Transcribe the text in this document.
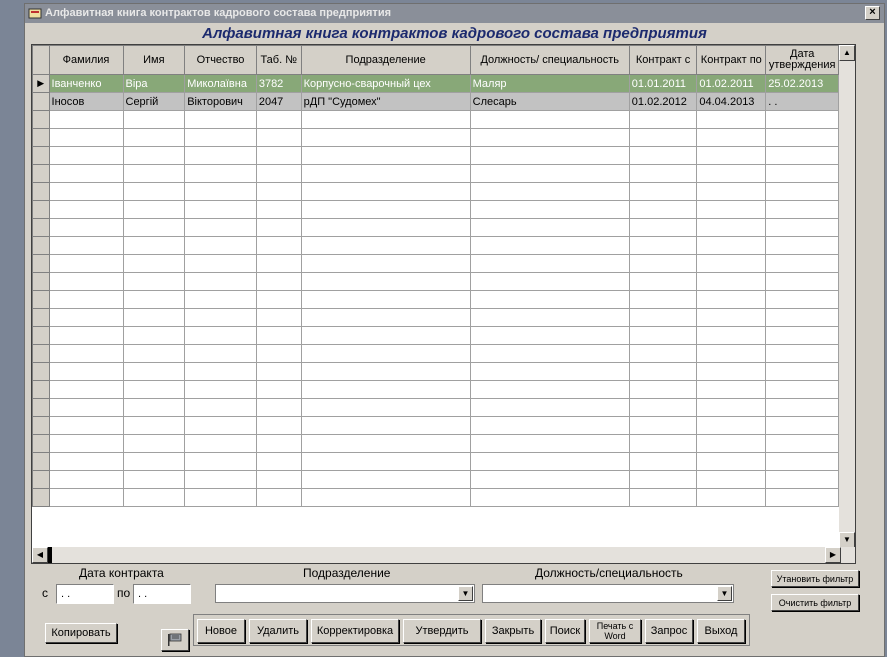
Алфавитная книга контрактов кадрового состава предприятия	×
Алфавитная книга контрактов кадрового состава предприятия
	Фамилия	Имя	Отчество	Таб. №	Подразделение	Должность/ специальность	Контракт с	Контракт по	Дата
утверждения	
▶	Іванченко	Віра	Миколаївна	3782	Корпусно-сварочный цех	Маляр	01.01.2011	01.02.2011	25.02.2013	
	Іносов	Сергій	Вікторович	2047	рДП "Судомех"	Слесарь	01.02.2012	04.04.2013	. .	

▲
▼
◀	▶
Дата контракта
с	. .	по . .
Подразделение
▼
Должность/специальность
▼
Утановить фильтр
Очистить фильтр
Копировать	Новое	Удалить	Корректировка	Утвердить	Закрыть	Поиск	Печать с
Word	Запрос	Выход
